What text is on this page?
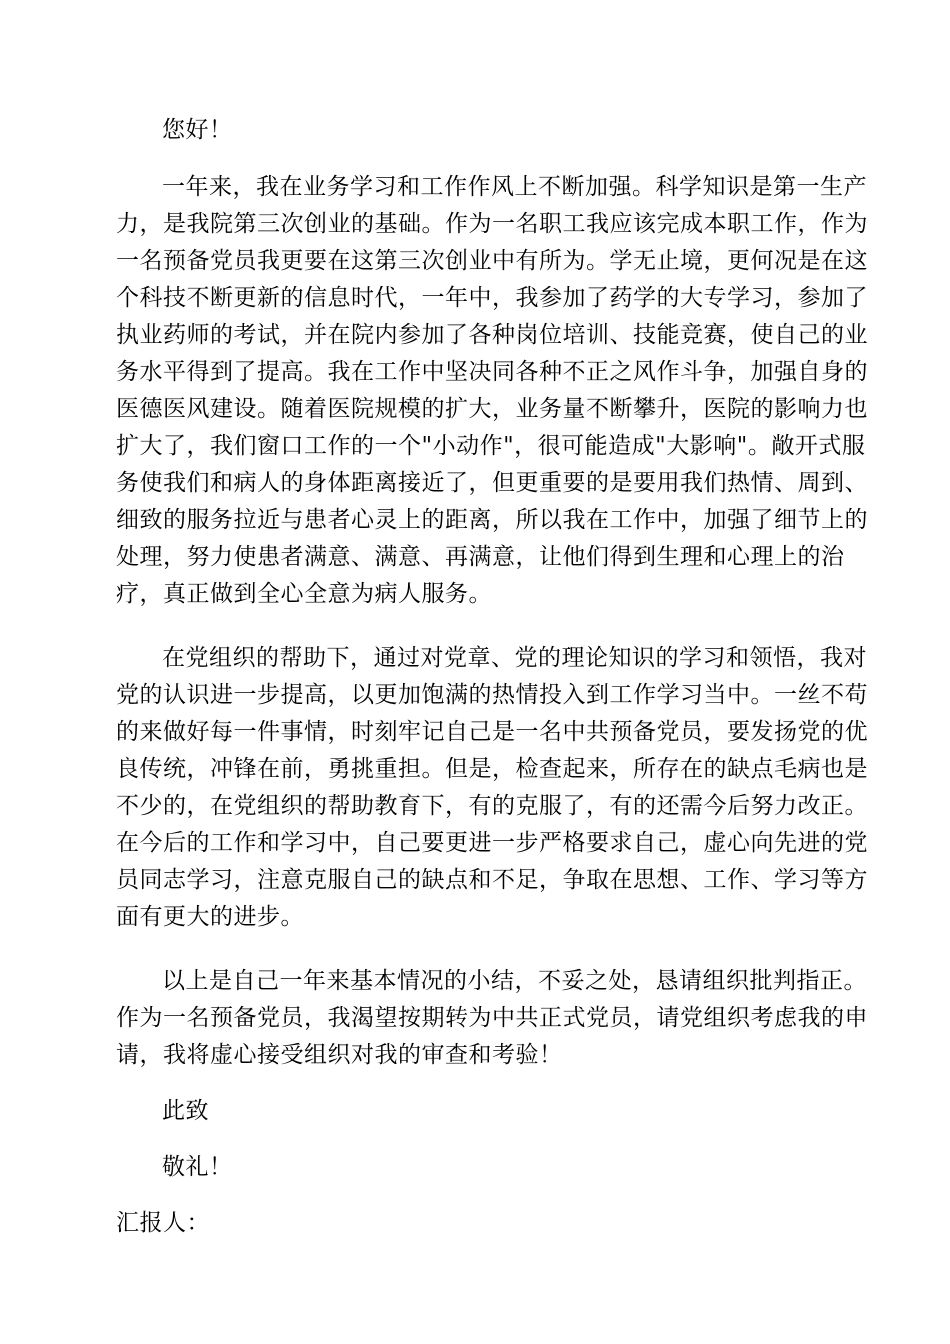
您好！
一年来，我在业务学习和工作作风上不断加强。科学知识是第一生产
力，是我院第三次创业的基础。作为一名职工我应该完成本职工作，作为
一名预备党员我更要在这第三次创业中有所为。学无止境，更何况是在这
个科技不断更新的信息时代，一年中，我参加了药学的大专学习，参加了
执业药师的考试，并在院内参加了各种岗位培训、技能竞赛，使自己的业
务水平得到了提高。我在工作中坚决同各种不正之风作斗争，加强自身的
医德医风建设。随着医院规模的扩大，业务量不断攀升，医院的影响力也
扩大了，我们窗口工作的一个"小动作"，很可能造成"大影响"。敞开式服
务使我们和病人的身体距离接近了，但更重要的是要用我们热情、周到、
细致的服务拉近与患者心灵上的距离，所以我在工作中，加强了细节上的
处理，努力使患者满意、满意、再满意，让他们得到生理和心理上的治
疗，真正做到全心全意为病人服务。
在党组织的帮助下，通过对党章、党的理论知识的学习和领悟，我对
党的认识进一步提高，以更加饱满的热情投入到工作学习当中。一丝不苟
的来做好每一件事情，时刻牢记自己是一名中共预备党员，要发扬党的优
良传统，冲锋在前，勇挑重担。但是，检查起来，所存在的缺点毛病也是
不少的，在党组织的帮助教育下，有的克服了，有的还需今后努力改正。
在今后的工作和学习中，自己要更进一步严格要求自己，虚心向先进的党
员同志学习，注意克服自己的缺点和不足，争取在思想、工作、学习等方
面有更大的进步。
以上是自己一年来基本情况的小结，不妥之处，恳请组织批判指正。
作为一名预备党员，我渴望按期转为中共正式党员，请党组织考虑我的申
请，我将虚心接受组织对我的审查和考验！
此致
敬礼！
汇报人：
